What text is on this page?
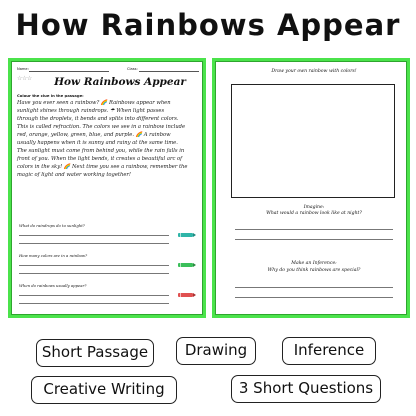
How Rainbows Appear
Name:	Class:
☆☆☆	How Rainbows Appear
Colour the clue in the passage:
Have you ever seen a rainbow? 🌈 Rainbows appear when
sunlight shines through raindrops. ☂ When light passes
through the droplets, it bends and splits into different colors.
This is called refraction. The colors we see in a rainbow include
red, orange, yellow, green, blue, and purple. 🌈 A rainbow
usually happens when it is sunny and rainy at the same time.
The sunlight must come from behind you, while the rain falls in
front of you. When the light bends, it creates a beautiful arc of
colors in the sky! 🌈 Next time you see a rainbow, remember the
magic of light and water working together!
What do raindrops do to sunlight?
How many colors are in a rainbow?
When do rainbows usually appear?
Draw your own rainbow with colors!
Imagine:
What would a rainbow look like at night?
Make an Inference:
Why do you think rainbows are special?
Short Passage	Drawing	Inference
Creative Writing	3 Short Questions
